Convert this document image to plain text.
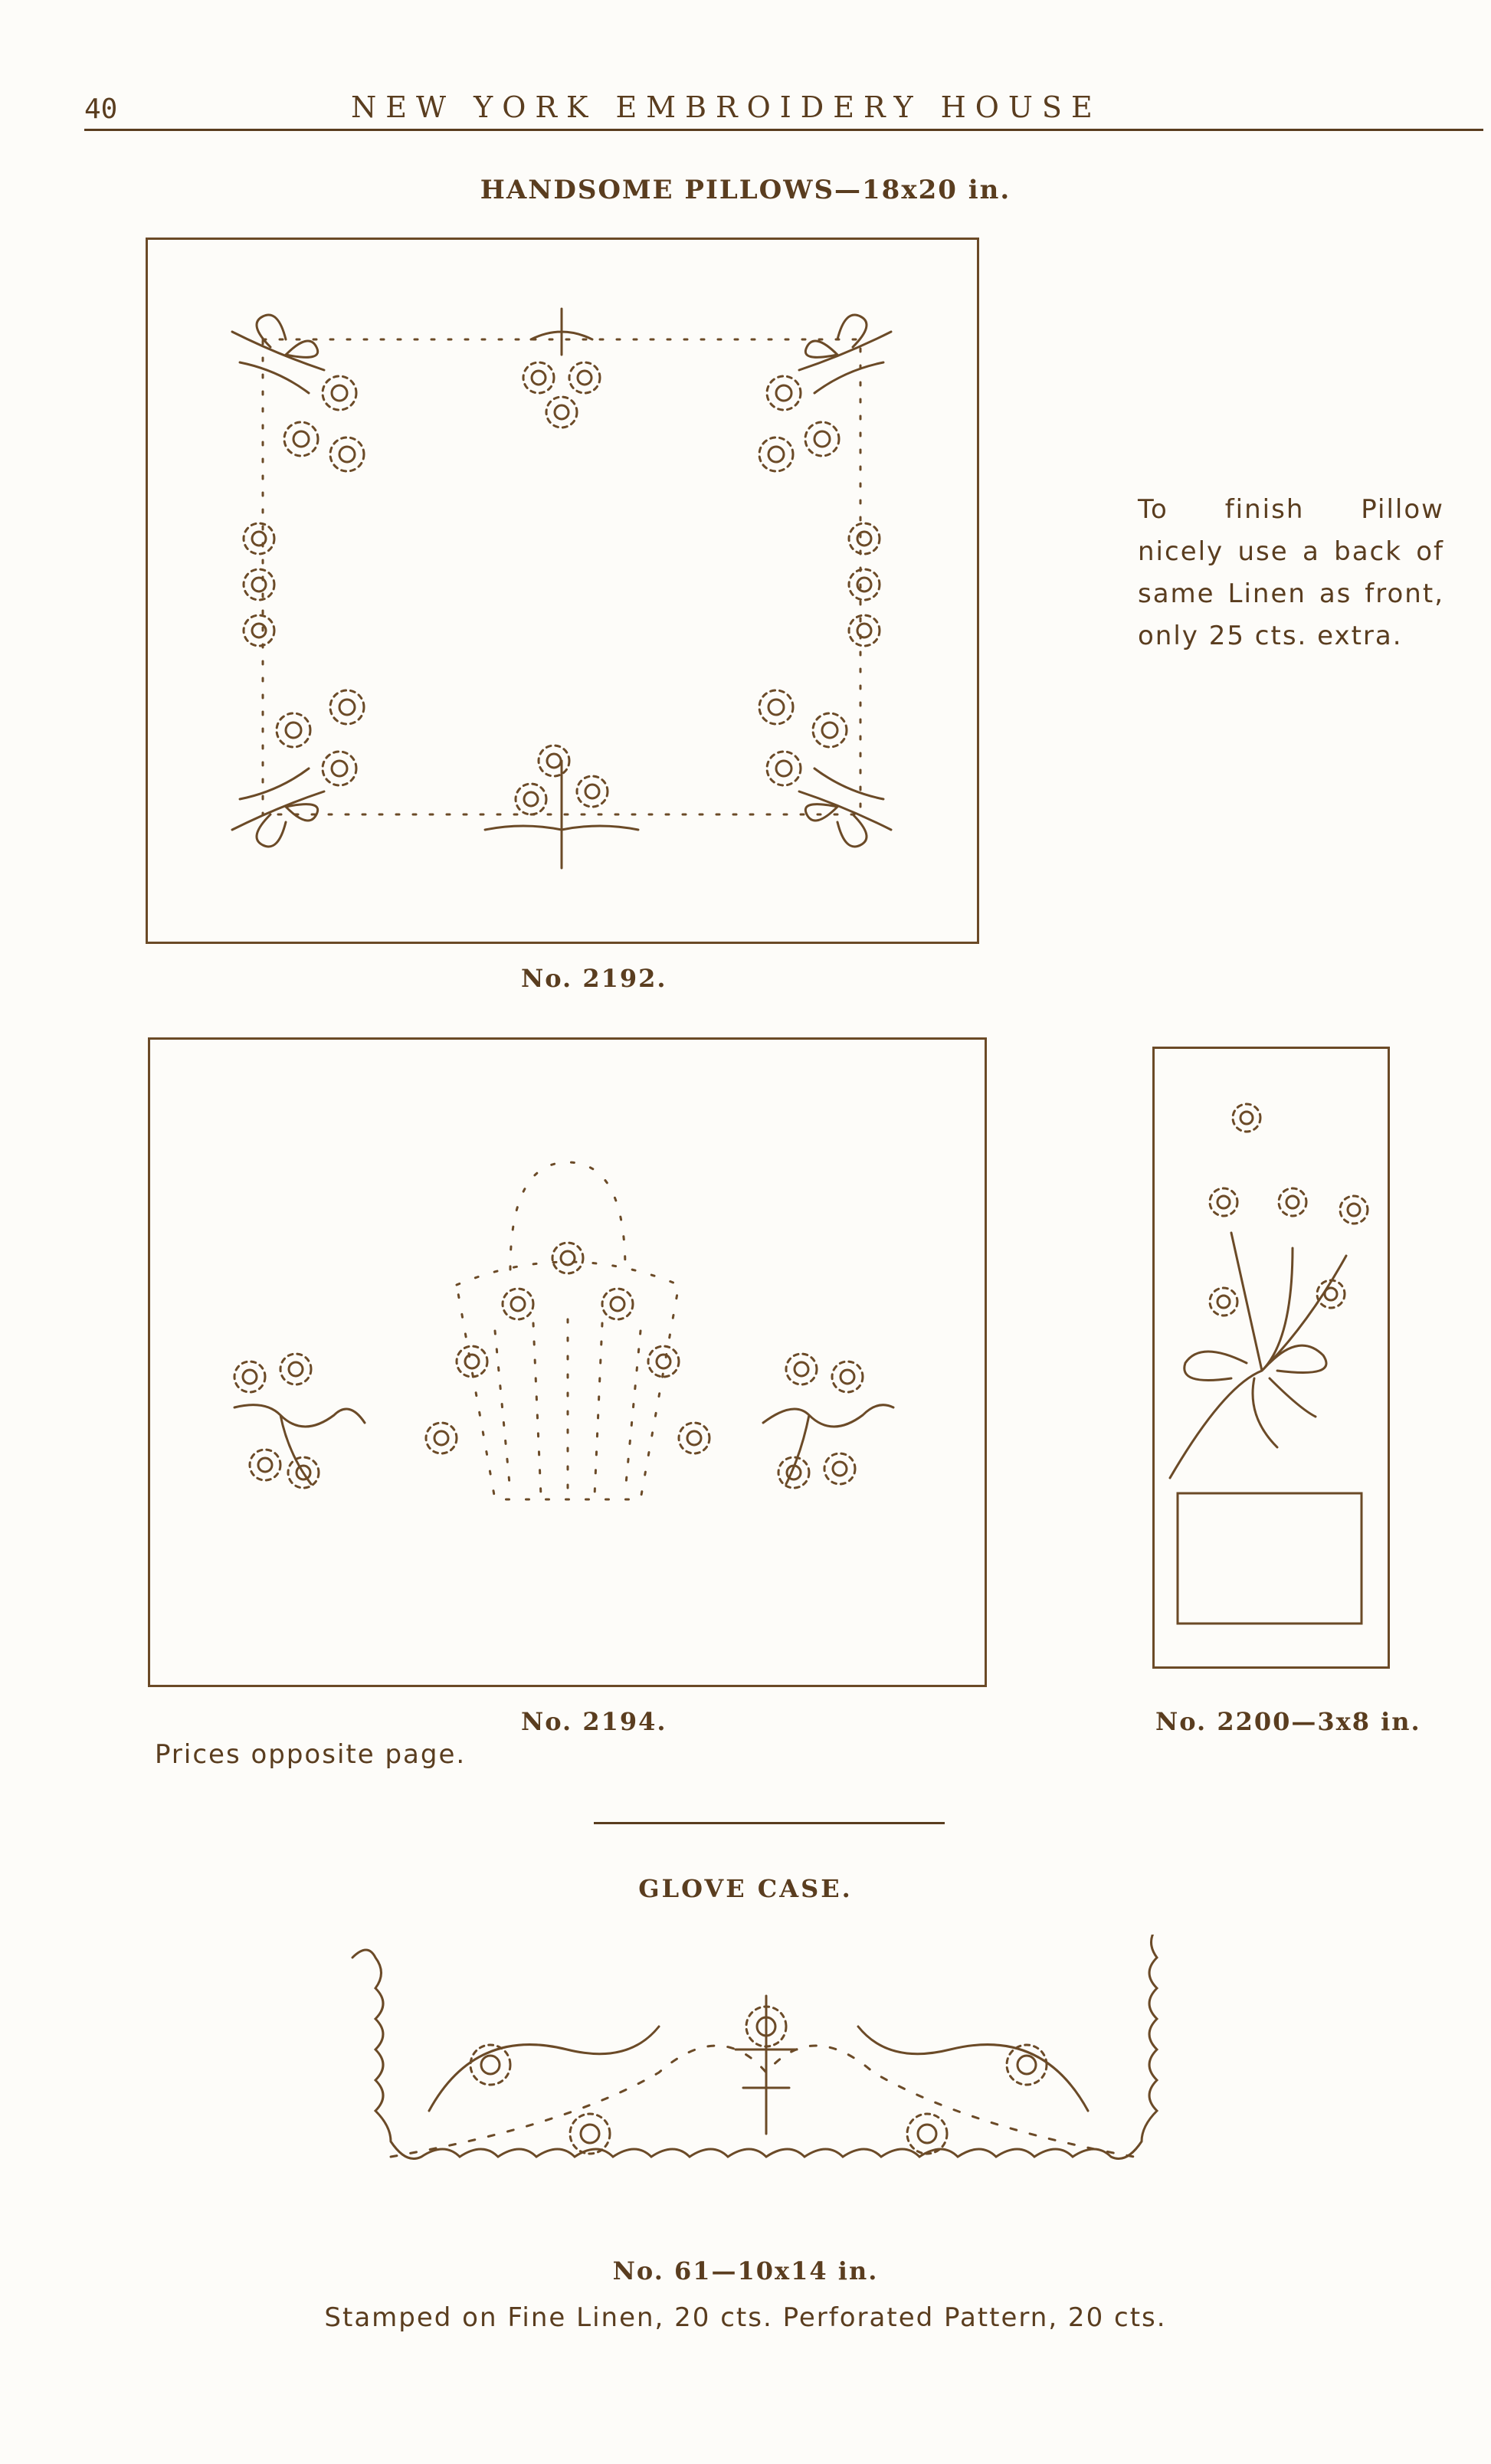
40	NEW YORK EMBROIDERY HOUSE
HANDSOME PILLOWS—18x20 in.
No. 2192.
To finish Pillow nicely use a back of same Linen as front, only 25 cts. extra.
No. 2194.	No. 2200—3x8 in.
Prices opposite page.
GLOVE CASE.
No. 61—10x14 in.
Stamped on Fine Linen, 20 cts. Perforated Pattern, 20 cts.
